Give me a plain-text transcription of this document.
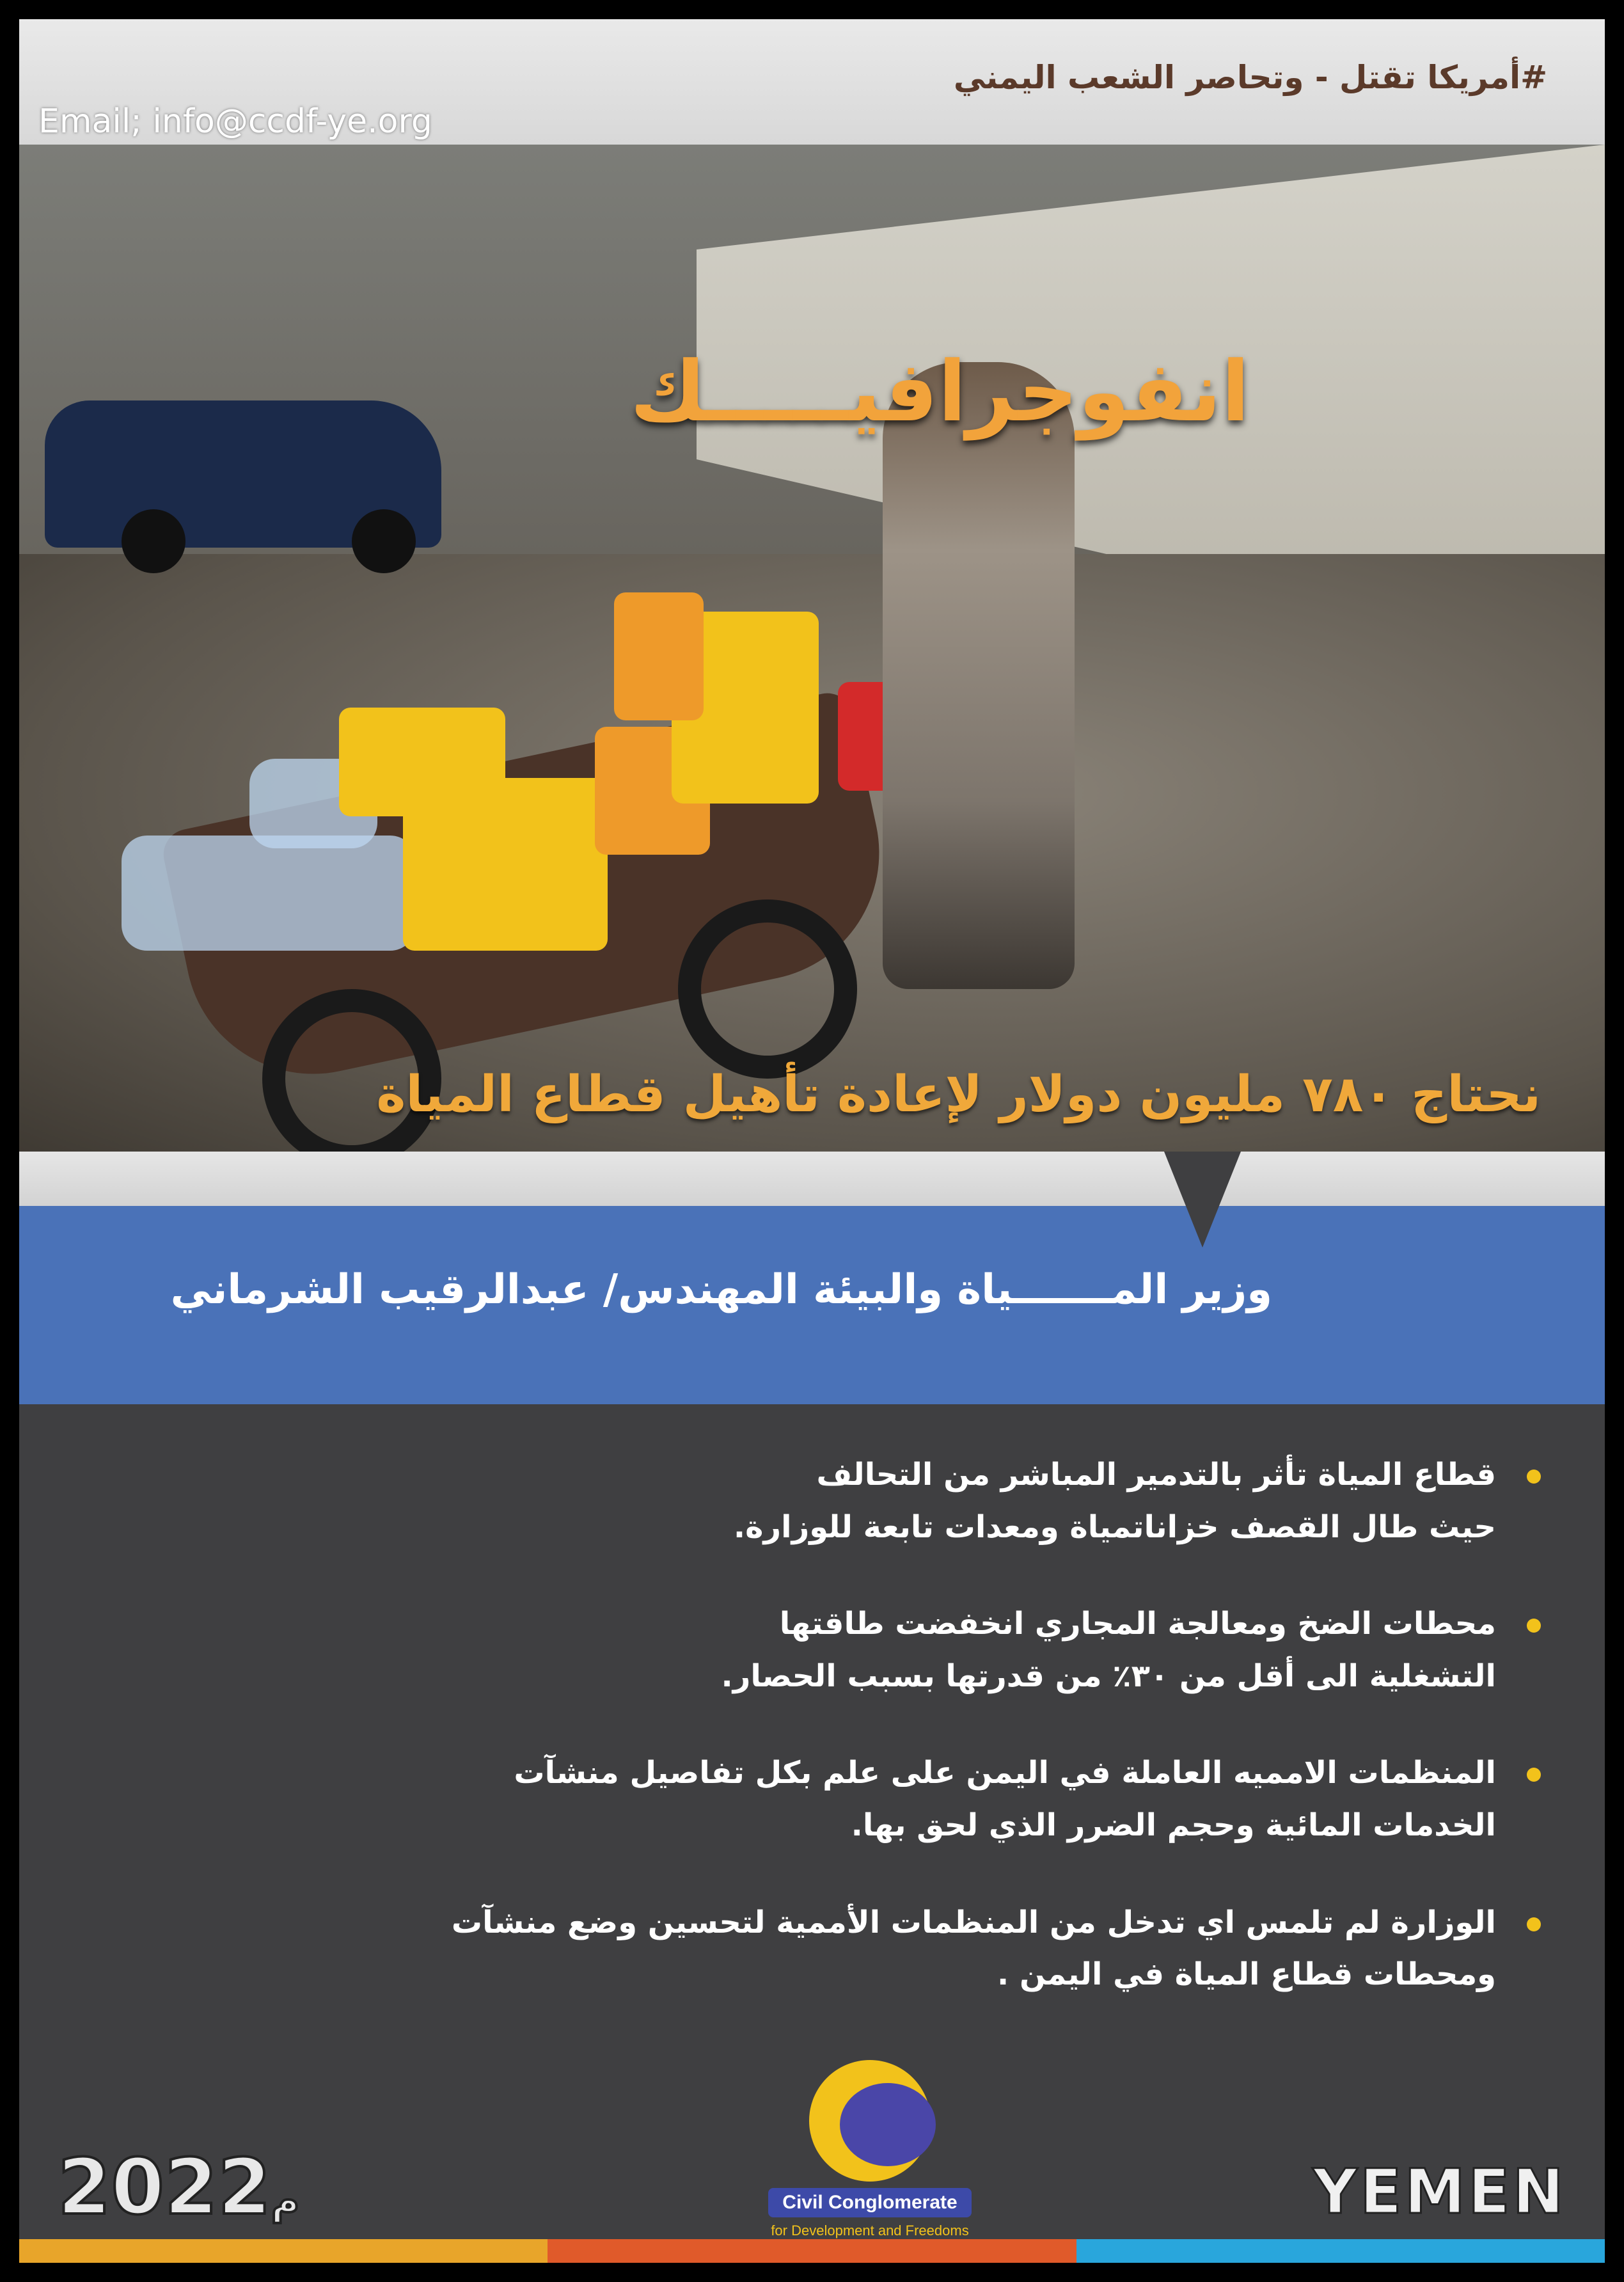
#أمريكا تقتل - وتحاصر الشعب اليمني
انفوجرافيـــــك
نحتاج ٧٨٠ مليون دولار لإعادة تأهيل قطاع المياة
Email; info@ccdf-ye.org
وزير المـــــــياة والبيئة المهندس/ عبدالرقيب الشرماني
قطاع المياة تأثر بالتدمير المباشر من التحالف
حيث طال القصف خزاناتمياة ومعدات تابعة للوزارة.
محطات الضخ ومعالجة المجاري انخفضت طاقتها
التشغلية الى أقل من ٣٠٪ من قدرتها بسبب الحصار.
المنظمات الامميه العاملة في اليمن على علم بكل تفاصيل منشآت
الخدمات المائية وحجم الضرر الذي لحق بها.
الوزارة لم تلمس اي تدخل من المنظمات الأممية لتحسين وضع منشآت
ومحطات قطاع المياة في اليمن .
Civil Conglomerate
for Development and Freedoms
م2022	YEMEN
